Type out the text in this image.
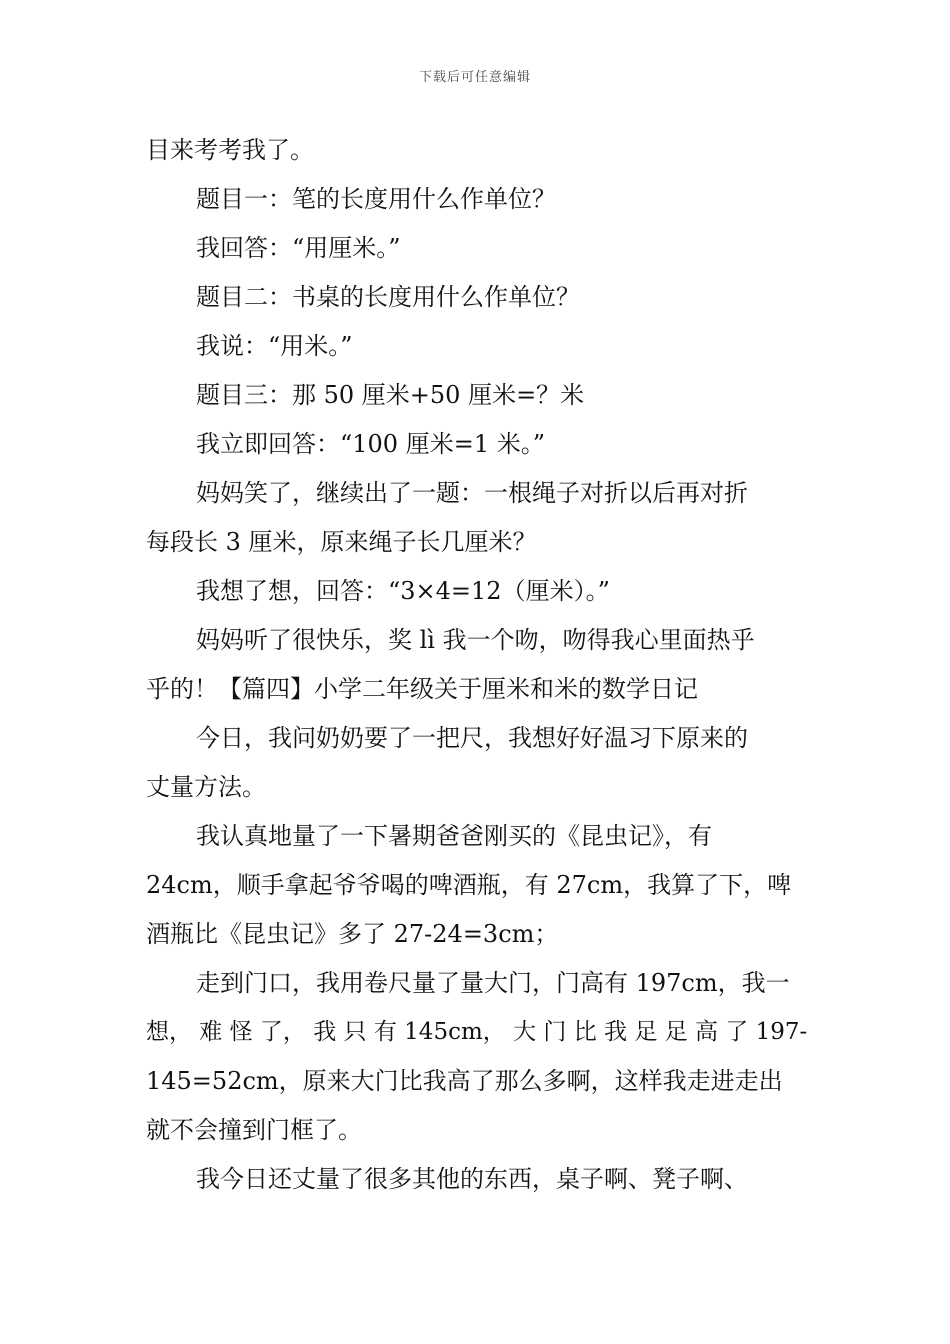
下载后可任意编辑
目来考考我了。
题目一：笔的长度用什么作单位？
我回答：“用厘米。”
题目二：书桌的长度用什么作单位？
我说：“用米。”
题目三：那 50 厘米+50 厘米=？米
我立即回答：“100 厘米=1 米。”
妈妈笑了，继续出了一题：一根绳子对折以后再对折
每段长 3 厘米，原来绳子长几厘米？
我想了想，回答：“3×4=12（厘米）。”
妈妈听了很快乐，奖 lì 我一个吻，吻得我心里面热乎
乎的！【篇四】小学二年级关于厘米和米的数学日记
今日，我问奶奶要了一把尺，我想好好温习下原来的
丈量方法。
我认真地量了一下暑期爸爸刚买的《昆虫记》，有
24cm，顺手拿起爷爷喝的啤酒瓶，有 27cm，我算了下，啤
酒瓶比《昆虫记》多了 27-24=3cm；
走到门口，我用卷尺量了量大门，门高有 197cm，我一
想， 难 怪 了， 我 只 有 145cm， 大 门 比 我 足 足 高 了 197-
145=52cm，原来大门比我高了那么多啊，这样我走进走出
就不会撞到门框了。
我今日还丈量了很多其他的东西，桌子啊、凳子啊、
